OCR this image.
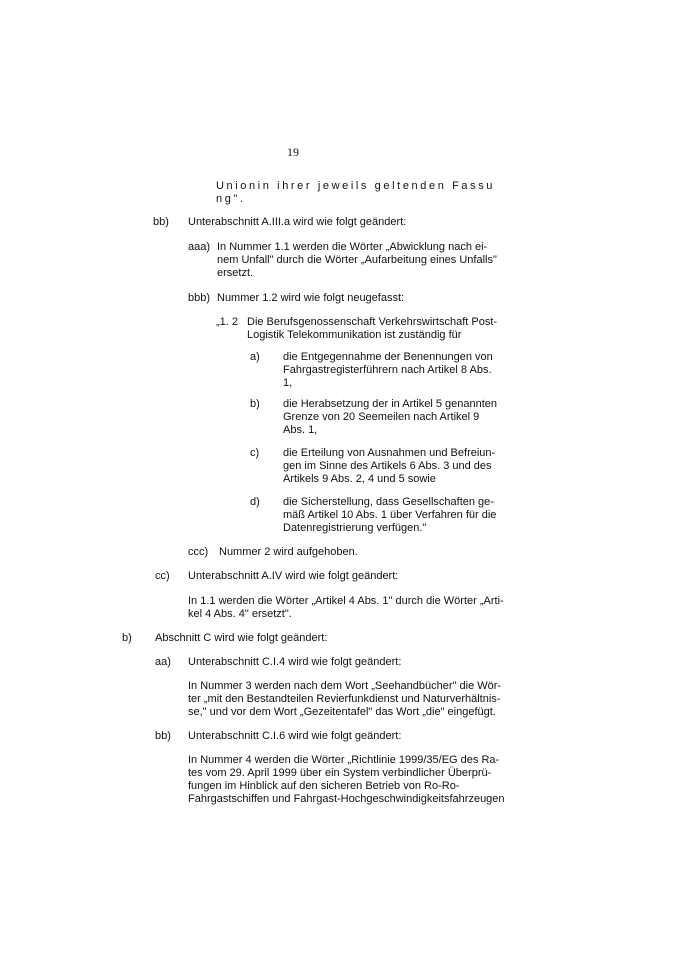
19

Unionin ihrer jeweils geltenden Fassu

ng".

bb) Unterabschnitt A.III.a wird wie folgt geändert:

aaa) In Nummer 1.1 werden die Wörter „Abwicklung nach ei-

nem Unfall" durch die Wörter „Aufarbeitung eines Unfalls"

ersetzt.

bbb) Nummer 1.2 wird wie folgt neugefasst:

„1. 2 Die Berufsgenossenschaft Verkehrswirtschaft Post-

Logistik Telekommunikation ist zuständig für

a) die Entgegennahme der Benennungen von

Fahrgastregisterführern nach Artikel 8 Abs.

1,

b) die Herabsetzung der in Artikel 5 genannten

Grenze von 20 Seemeilen nach Artikel 9

Abs. 1,

c) die Erteilung von Ausnahmen und Befreiun-

gen im Sinne des Artikels 6 Abs. 3 und des

Artikels 9 Abs. 2, 4 und 5 sowie

d) die Sicherstellung, dass Gesellschaften ge-

mäß Artikel 10 Abs. 1 über Verfahren für die

Datenregistrierung verfügen."

ccc) Nummer 2 wird aufgehoben.

cc) Unterabschnitt A.IV wird wie folgt geändert:

In 1.1 werden die Wörter „Artikel 4 Abs. 1" durch die Wörter „Arti-

kel 4 Abs. 4" ersetzt".

b) Abschnitt C wird wie folgt geändert:

aa) Unterabschnitt C.I.4 wird wie folgt geändert:

In Nummer 3 werden nach dem Wort „Seehandbücher" die Wör-

ter „mit den Bestandteilen Revierfunkdienst und Naturverhältnis-

se," und vor dem Wort „Gezeitentafel" das Wort „die" eingefügt.

bb) Unterabschnitt C.I.6 wird wie folgt geändert:

In Nummer 4 werden die Wörter „Richtlinie 1999/35/EG des Ra-

tes vom 29. April 1999 über ein System verbindlicher Überprü-

fungen im Hinblick auf den sicheren Betrieb von Ro-Ro-

Fahrgastschiffen und Fahrgast-Hochgeschwindigkeitsfahrzeugen
